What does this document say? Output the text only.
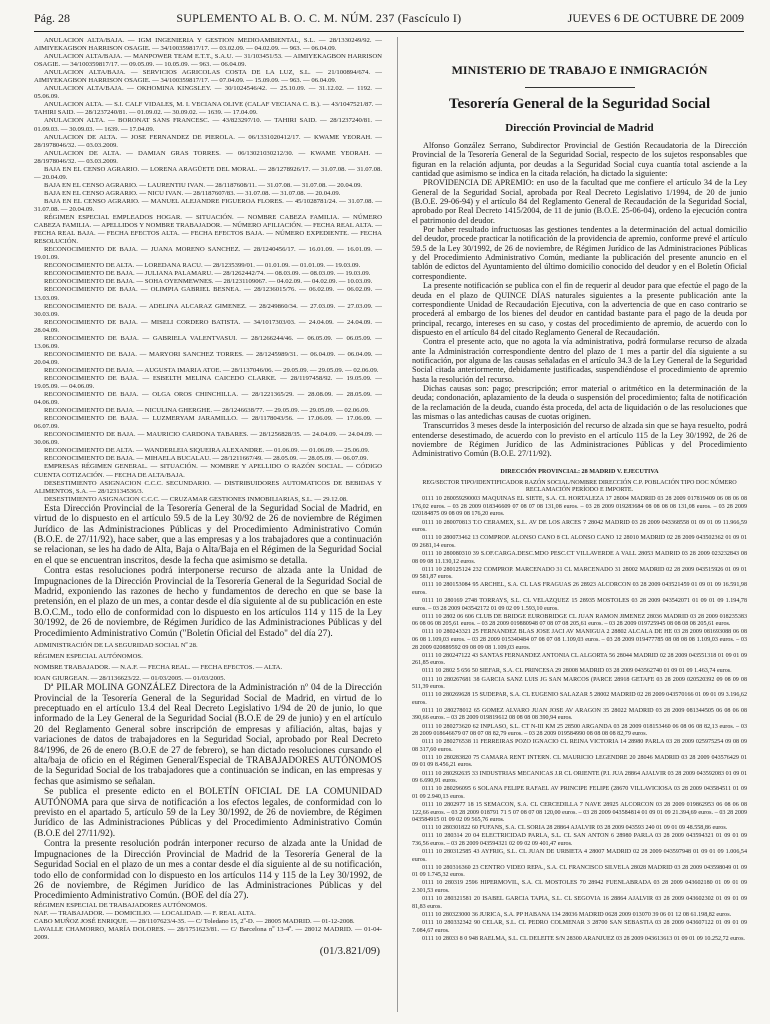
Pág. 28	SUPLEMENTO AL B. O. C. M. NÚM. 237 (Fascículo I)	JUEVES 6 DE OCTUBRE DE 2009

ANULACION ALTA/BAJA. — IGM INGENIERIA Y GESTION MEDIOAMBIENTAL, S.L. — 28/1330249/92. — AIMIYEKAGBON HARRISON OSAGIE. — 34/100359817/17. — 03.02.09. — 04.02.09. — 963. — 06.04.09.

ANULACION ALTA/BAJA. — MANPOWER TEAM E.T.T., S.A.U. — 31/103451/53. — AIMIYEKAGBON HARRISON OSAGIE. — 34/100359817/17. — 09.05.09. — 10.05.09. — 963. — 06.04.09.

ANULACION ALTA/BAJA. — SERVICIOS AGRICOLAS COSTA DE LA LUZ, S.L. — 21/100894/674. — AIMIYEKAGBON HARRISON OSAGIE. — 34/100359817/17. — 07.04.09. — 15.09.09. — 963. — 06.04.09.

ANULACION ALTA/BAJA. — OKHOMINA KINGSLEY. — 30/1024546/42. — 25.10.09. — 31.12.02. — 1192. — 05.06.09.

ANULACION ALTA. — S.I. CALF VIDALES, M. I. VECIANA OLIVE (CALAF VECIANA C. B.). — 43/1047521/87. — TAHIRI SAID. — 28/1237240/81. — 01.09.02. — 30.09.02. — 1639. — 17.04.09.

ANULACION ALTA. — BORONAT SANS FRANCESC. — 43/823297/10. — TAHIRI SAID. — 28/1237240/81. — 01.09.03. — 30.09.03. — 1639. — 17.04.09.

ANULACION DE ALTA. — JOSE FERNANDEZ DE PIEROLA. — 06/1331020412/17. — KWAME YEORAH. — 28/1978046/32. — 03.03.2009.

ANULACION DE ALTA. — DAMIAN GRAS TORRES. — 06/13021030212/30. — KWAME YEORAH. — 28/1978046/32. — 03.03.2009.

BAJA EN EL CENSO AGRARIO. — LORENA ARAGÜETE DEL MORAL. — 28/1278926/17. — 31.07.08. — 31.07.08. — 20.04.09.

BAJA EN EL CENSO AGRARIO. — LAURENTIU IVAN. — 28/1187608/11. — 31.07.08. — 31.07.08. — 20.04.09.

BAJA EN EL CENSO AGRARIO. — NICU IVAN. — 28/1187607/83. — 31.07.08. — 31.07.08. — 20.04.09.

BAJA EN EL CENSO AGRARIO. — MANUEL ALEJANDRE FIGUEROA FLORES. — 45/1028781/24. — 31.07.08. — 31.07.08. — 20.04.09.

RÉGIMEN ESPECIAL EMPLEADOS HOGAR. — SITUACIÓN. — NOMBRE CABEZA FAMILIA. — NÚMERO CABEZA FAMILIA. — APELLIDOS Y NOMBRE TRABAJADOR. — NÚMERO AFILIACIÓN. — FECHA REAL ALTA. — FECHA REAL BAJA. — FECHA EFECTOS ALTA. — FECHA EFECTOS BAJA. — NÚMERO EXPEDIENTE. — FECHA RESOLUCIÓN.

RECONOCIMIENTO DE BAJA. — JUANA MORENO SANCHEZ. — 28/1240456/17. — 16.01.09. — 16.01.09. — 19.01.09.

RECONOCIMIENTO DE ALTA. — LOREDANA RACU. — 28/1235399/01. — 01.01.09. — 01.01.09. — 19.03.09.

RECONOCIMIENTO DE BAJA. — JULIANA PALAMARU. — 28/1262442/74. — 08.03.09. — 08.03.09. — 19.03.09.

RECONOCIMIENTO DE BAJA. — SOHA OYENMEWNES. — 28/1231109067. — 04.02.09. — 04.02.09. — 10.03.09.

RECONOCIMIENTO DE BAJA. — OLIMPIA GABRIEL BESNEA. — 28/1236015/76. — 06.02.09. — 06.02.09. — 13.03.09.

RECONOCIMIENTO DE BAJA. — ADELINA ALCARAZ GIMENEZ. — 28/249860/34. — 27.03.09. — 27.03.09. — 30.03.09.

RECONOCIMIENTO DE BAJA. — MISELI CORDERO BATISTA. — 34/1017303/03. — 24.04.09. — 24.04.09. — 28.04.09.

RECONOCIMIENTO DE BAJA. — GABRIELA VALENTVASUI. — 28/1266244/46. — 06.05.09. — 06.05.09. — 13.06.09.

RECONOCIMIENTO DE BAJA. — MARYORI SANCHEZ TORRES. — 28/1245989/31. — 06.04.09. — 06.04.09. — 20.04.09.

RECONOCIMIENTO DE BAJA. — AUGUSTA IMARIA ATOE. — 28/1137046/06. — 29.05.09. — 29.05.09. — 02.06.09.

RECONOCIMIENTO DE BAJA. — ESBELTH MELINA CAICEDO CLARKE. — 28/1197458/92. — 19.05.09. — 19.05.09. — 04.06.09.

RECONOCIMIENTO DE BAJA. — OLGA OROS CHINCHILLA. — 28/1221365/29. — 28.08.09. — 28.05.09. — 04.06.09.

RECONOCIMIENTO DE BAJA. — NICULINA GHERGHE. — 28/1246638/77. — 29.05.09. — 29.05.09. — 02.06.09.

RECONOCIMIENTO DE BAJA. — LUZMERYAM JARAMILLO. — 28/1178043/56. — 17.06.09. — 17.06.09. — 06.07.09.

RECONOCIMIENTO DE BAJA. — MAURICIO CARDONA TABARES. — 28/1256828/35. — 24.04.09. — 24.04.09. — 30.06.09.

RECONOCIMIENTO DE ALTA. — WANDERLEIA SIQUEIRA ALEXANDRE. — 01.06.09. — 01.06.09. — 25.06.09.

RECONOCIMIENTO DE BAJA. — MIHAELA BUCALAU. — 28/1211667/49. — 28.05.09. — 28.05.09. — 06.07.09.

EMPRESAS RÉGIMEN GENERAL. — SITUACIÓN. — NOMBRE Y APELLIDO O RAZÓN SOCIAL. — CÓDIGO CUENTA COTIZACIÓN. — FECHA DE ALTA/BAJA.

DESESTIMIENTO ASIGNACION C.C.C. SECUNDARIO. — DISTRIBUIDORES AUTOMATICOS DE BEBIDAS Y ALIMENTOS, S.A. — 28/123134536/3.

DESESTIMIENTO ASIGNACION C.C.C. — CRUZAMAR GESTIONES INMOBILIARIAS, S.L. — 29.12.08.

Esta Dirección Provincial de la Tesorería General de la Seguridad Social de Madrid, en virtud de lo dispuesto en el artículo 59.5 de la Ley 30/92 de 26 de noviembre de Régimen Jurídico de las Administraciones Públicas y del Procedimiento Administrativo Común (B.O.E. de 27/11/92), hace saber, que a las empresas y a los trabajadores que a continuación se relacionan, se les ha dado de Alta, Baja o Alta/Baja en el Régimen de la Seguridad Social en el que se encuentran inscritos, desde la fecha que asimismo se detalla.

Contra estas resoluciones podrá interponerse recurso de alzada ante la Unidad de Impugnaciones de la Dirección Provincial de la Tesorería General de la Seguridad Social de Madrid, exponiendo las razones de hecho y fundamentos de derecho en que se base la pretensión, en el plazo de un mes, a contar desde el día siguiente al de su publicación en este B.O.C.M., todo ello de conformidad con lo dispuesto en los artículos 114 y 115 de la Ley 30/1992, de 26 de noviembre, de Régimen Jurídico de las Administraciones Públicas y del Procedimiento Administrativo Común ("Boletín Oficial del Estado" del día 27).

ADMINISTRACIÓN DE LA SEGURIDAD SOCIAL Nº 28.

RÉGIMEN ESPECIAL AUTÓNOMOS.

NOMBRE TRABAJADOR. — N.A.F. — FECHA REAL. — FECHA EFECTOS. — ALTA.

IOAN GIURGEAN. — 28/1136623/22. — 01/03/2005. — 01/03/2005.

Dª PILAR MOLINA GONZÁLEZ Directora de la Administración nº 04 de la Dirección Provincial de la Tesorería General de la Seguridad Social de Madrid, en virtud de lo preceptuado en el artículo 13.4 del Real Decreto Legislativo 1/94 de 20 de junio, lo que informado de la Ley General de la Seguridad Social (B.O.E de 29 de junio) y en el artículo 20 del Reglamento General sobre inscripción de empresas y afiliación, altas, bajas y variaciones de datos de trabajadores en la Seguridad Social, aprobado por Real Decreto 84/1996, de 26 de enero (B.O.E de 27 de febrero), se han dictado resoluciones cursando el alta/baja de oficio en el Régimen General/Especial de TRABAJADORES AUTÓNOMOS de la Seguridad Social de los trabajadores que a continuación se indican, en las empresas y fechas que asimismo se señalan.

Se publica el presente edicto en el BOLETÍN OFICIAL DE LA COMUNIDAD AUTÓNOMA para que sirva de notificación a los efectos legales, de conformidad con lo previsto en el apartado 5, artículo 59 de la Ley 30/1992, de 26 de noviembre, de Régimen Jurídico de las Administraciones Públicas y del Procedimiento Administrativo Común (B.O.E del 27/11/92).

Contra la presente resolución podrán interponer recurso de alzada ante la Unidad de Impugnaciones de la Dirección Provincial de Madrid de la Tesorería General de la Seguridad Social en el plazo de un mes a contar desde el día siguiente al de su notificación, todo ello de conformidad con lo dispuesto en los artículos 114 y 115 de la Ley 30/1992, de 26 de noviembre, de Régimen Jurídico de las Administraciones Públicas y del Procedimiento Administrativo Común. (BOE del día 27).

RÉGIMEN ESPECIAL DE TRABAJADORES AUTÓNOMOS.

NAF. — TRABAJADOR. — DOMICILIO. — LOCALIDAD. — F. REAL ALTA.

CABO MUÑOZ JOSÉ ENRIQUE. — 28/1107623/4-35. — C/ Toledano 15, 2º-D. — 28005 MADRID. — 01-12-2008.

LAVALLE CHAMORRO, MARÍA DOLORES. — 28/1751623/81. — C/ Barcelona nº 13-4º. — 28012 MADRID. — 01-04-2009.

(01/3.821/09)
MINISTERIO DE TRABAJO E INMIGRACIÓN
Tesorería General de la Seguridad Social
Dirección Provincial de Madrid

Alfonso González Serrano, Subdirector Provincial de Gestión Recaudatoria de la Dirección Provincial de la Tesorería General de la Seguridad Social, respecto de los sujetos responsables que figuran en la relación adjunta, por deudas a la Seguridad Social cuya cuantía total asciende a la cantidad que asimismo se indica en la citada relación, ha dictado la siguiente:

PROVIDENCIA DE APREMIO: en uso de la facultad que me confiere el artículo 34 de la Ley General de la Seguridad Social, aprobada por Real Decreto Legislativo 1/1994, de 20 de junio (B.O.E. 29-06-94) y el artículo 84 del Reglamento General de Recaudación de la Seguridad Social, aprobado por Real Decreto 1415/2004, de 11 de junio (B.O.E. 25-06-04), ordeno la ejecución contra el patrimonio del deudor.

Por haber resultado infructuosas las gestiones tendentes a la determinación del actual domicilio del deudor, procede practicar la notificación de la providencia de apremio, conforme prevé el artículo 59.5 de la Ley 30/1992, de 26 de noviembre, de Régimen Jurídico de las Administraciones Públicas y del Procedimiento Administrativo Común, mediante la publicación del presente anuncio en el tablón de edictos del Ayuntamiento del último domicilio conocido del deudor y en el Boletín Oficial correspondiente.

La presente notificación se publica con el fin de requerir al deudor para que efectúe el pago de la deuda en el plazo de QUINCE DÍAS naturales siguientes a la presente publicación ante la correspondiente Unidad de Recaudación Ejecutiva, con la advertencia de que en caso contrario se procederá al embargo de los bienes del deudor en cantidad bastante para el pago de la deuda por principal, recargo, intereses en su caso, y costas del procedimiento de apremio, de acuerdo con lo dispuesto en el artículo 84 del citado Reglamento General de Recaudación.

Contra el presente acto, que no agota la vía administrativa, podrá formularse recurso de alzada ante la Administración correspondiente dentro del plazo de 1 mes a partir del día siguiente a su notificación, por alguna de las causas señaladas en el artículo 34.3 de la Ley General de la Seguridad Social citada anteriormente, debidamente justificadas, suspendiéndose el procedimiento de apremio hasta la resolución del recurso.

Dichas causas son: pago; prescripción; error material o aritmético en la determinación de la deuda; condonación, aplazamiento de la deuda o suspensión del procedimiento; falta de notificación de la reclamación de la deuda, cuando ésta proceda, del acta de liquidación o de las resoluciones que las mismas o las antedichas causas de cuotas originen.

Transcurridos 3 meses desde la interposición del recurso de alzada sin que se haya resuelto, podrá entenderse desestimado, de acuerdo con lo previsto en el artículo 115 de la Ley 30/1992, de 26 de noviembre de Régimen Jurídico de las Administraciones Públicas y del Procedimiento Administrativo Común (B.O.E. 27/11/92).

DIRECCIÓN PROVINCIAL: 28 MADRID V. EJECUTIVA

REG/SECTOR TIPO/IDENTIFICADOR RAZÓN SOCIAL/NOMBRE DIRECCIÓN C.P. POBLACIÓN TIPO DOC NÚMERO RECLAMACIÓN PERÍODO E IMPORTE.

0111 10 280059290003 MAQUINAS EL SIETE, S.A. CL HORTALEZA 17 28004 MADRID 03 28 2009 017819409 06 08 06 08 176,02 euros. – 03 28 2009 018346609 07 08 07 08 131,08 euros. – 03 28 2009 019283684 08 08 08 08 131,08 euros. – 03 28 2009 020184875 09 08 09 08 176,20 euros.

0111 10 280070813 T.O CERAMEX, S.L. AV DE LOS ARCES 7 28042 MADRID 03 28 2009 043368558 01 09 01 09 11.966,59 euros.

0111 10 280073462 13 COMPROP. ALONSO CANO 8 CL ALONSO CANO 12 28010 MADRID 02 28 2009 043502362 01 09 01 09 2681,14 euros.

0111 10 280080310 39 S.OF.CARGA.DESC.MDO PESC.CT VILLAVERDE A VALL 28053 MADRID 03 28 2009 023232843 08 08 09 08 11.130,12 euros.

0111 10 280125124 232 COMPROP. MARCENADO 31 CL MARCENADO 31 28002 MADRID 02 28 2009 043515926 01 09 01 09 581,87 euros.

0111 10 280153084 95 ARCHEL, S.A. CL LAS FRAGUAS 26 28923 ALCORCON 03 28 2009 043521459 01 09 01 09 16.591,98 euros.

0111 10 280169 2748 TORRAYS, S.L. CL VELAZQUEZ 15 28935 MOSTOLES 03 28 2009 043542071 01 09 01 09 1.194,78 euros. – 03 28 2009 043542172 01 09 02 09 1.593,10 euros.

0111 10 2802 06 606 CLUB DE BRIDGE EUROBRIDGE CL JUAN RAMON JIMENEZ 28036 MADRID 03 28 2009 018235383 06 08 06 08 205,61 euros. – 03 28 2009 019880948 07 08 07 08 205,61 euros. – 03 28 2009 019725945 08 08 08 08 205,61 euros.

0111 10 280243321 25 FERNANDEZ BLAS JOSE JACI AV MANIGUA 2 28802 ALCALA DE HE 03 28 2009 081693088 06 08 06 08 1.109,03 euros. – 03 28 2009 015340484 07 08 07 08 1.109,03 euros. – 03 28 2009 019477785 08 08 08 08 1.109,03 euros. – 03 28 2009 020889592 09 08 09 08 1.109,03 euros.

0111 10 280247122 43 SANTAS FERNANDEZ ANTONIA CL ALGORTA 56 28044 MADRID 02 28 2009 043551318 01 09 01 09 261,85 euros.

0111 10 2802 5 656 50 SIEFAR, S.A. CL PRINCESA 29 28008 MADRID 03 28 2009 043562740 01 09 01 09 1.463,74 euros.

0111 10 280267681 38 GARCIA SANZ LUIS JG SAN MARCOS (PARCE 28918 GETAFE 03 28 2009 020520392 09 08 09 08 511,39 euros.

0111 10 280269628 15 SUDEPAR, S.A. CL EUGENIO SALAZAR 5 28002 MADRID 02 28 2009 043570166 01 09 01 09 3.196,62 euros.

0111 10 280278012 65 GOMEZ ALVARO JUAN JOSE AV ARAGON 35 28022 MADRID 03 28 2009 081344505 06 08 06 08 390,66 euros. – 03 28 2009 019819612 08 08 08 08 390,94 euros.

0111 10 280273620 62 INPLASO, S.L. CT N-III KM 25 28500 ARGANDA 03 28 2009 018153460 06 08 06 08 82,13 euros. – 03 28 2009 018646679 07 08 07 08 82,79 euros. – 03 28 2009 019584990 08 08 08 08 82,79 euros.

0111 10 280276538 11 FERREIRAS POZO IGNACIO CL REINA VICTORIA 14 28980 PARLA 03 28 2009 025975254 09 08 09 08 317,60 euros.

0111 10 280283820 75 CAMARA RENT INTERN. CL MAURICIO LEGENDRE 20 28046 MADRID 03 28 2009 043576429 01 09 01 09 8.456,21 euros.

0111 10 280292635 33 INDUSTRIAS MECANICAS J.R CL ORIENTE (P.I. JUA 28864 AJALVIR 03 28 2009 043592083 01 09 01 09 6.690,91 euros.

0111 10 280296095 6 SOLANA FELIPE RAFAEL AV PRINCIPE FELIPE (28670 VILLAVICIOSA 03 28 2009 043584511 01 09 01 09 2.940,13 euros.

0111 10 2802977 18 15 SEMACON, S.A. CL CERCEDILLA 7 NAVE 28925 ALCORCON 03 28 2009 019862953 06 08 06 08 122,66 euros. – 03 28 2009 018791 71 5 07 08 07 08 120,00 euros. – 03 28 2009 043584814 01 09 01 09 21.394,69 euros. – 03 28 2009 043584915 01 09 02 09 565,76 euros.

0111 10 280301822 60 FUFANS, S.A. CL SORIA 28 28864 AJALVIR 03 28 2009 043593 240 01 09 01 09 48.558,86 euros.

0111 10 280314 20 04 ELECTRICIDAD PARLA, S.L. CL SAN ANTON 6 28980 PARLA 03 28 2009 043594321 01 09 01 09 736,56 euros. – 03 28 2009 043594321 02 09 02 09 401,47 euros.

0111 10 280312585 43 AYFRIG, S.L. CL JUAN DE URBIETA 4 28007 MADRID 02 28 2009 043597948 01 09 01 09 1.006,54 euros.

0111 10 280316360 23 CENTRO VIDEO REPA., S.A. CL FRANCISCO SILVELA 28028 MADRID 03 28 2009 043598049 01 09 01 09 1.745,32 euros.

0111 10 280319 2596 HIPERMOVIL, S.A. CL MOSTOLES 70 28942 FUENLABRADA 03 28 2009 043602180 01 09 01 09 2.301,53 euros.

0111 10 280321581 20 ISABEL GARCIA TAPIA, S.L. CL SEGOVIA 16 28864 AJALVIR 03 28 2009 043602302 01 09 01 09 81,83 euros.

0111 10 280323000 36 JURICA, S.A. PP HABANA 134 28036 MADRID 0628 2009 013070 39 06 01 12 08 61.198,82 euros.

0111 10 280332342 90 CELAR, S.L. CL PEDRO COLMENAR 3 28700 SAN SEBASTIA 03 28 2009 043607122 01 09 01 09 7.084,67 euros.

0111 10 28033 8 0 948 RAELMA, S.L. CL DELEITE S/N 28300 ARANJUEZ 03 28 2009 043613613 01 09 01 09 10.252,72 euros.
